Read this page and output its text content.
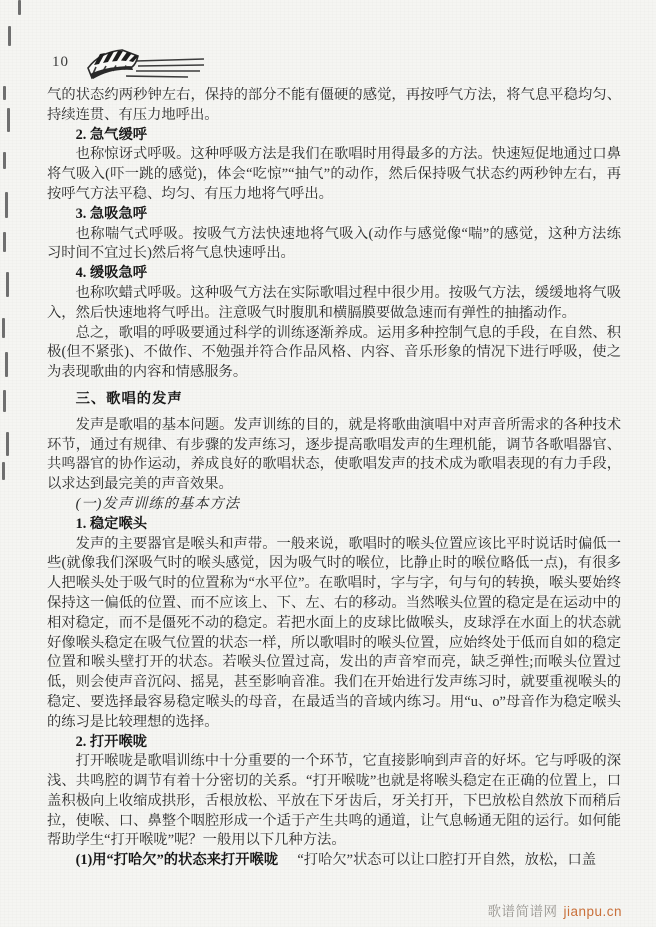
10

气的状态约两秒钟左右，保持的部分不能有僵硬的感觉，再按呼气方法，将气息平稳均匀、持续连贯、有压力地呼出。

2. 急气缓呼

也称惊讶式呼吸。这种呼吸方法是我们在歌唱时用得最多的方法。快速短促地通过口鼻将气吸入(吓一跳的感觉)，体会“吃惊”“抽气”的动作，然后保持吸气状态约两秒钟左右，再按呼气方法平稳、均匀、有压力地将气呼出。

3. 急吸急呼

也称喘气式呼吸。按吸气方法快速地将气吸入(动作与感觉像“喘”的感觉，这种方法练习时间不宜过长)然后将气息快速呼出。

4. 缓吸急呼

也称吹蜡式呼吸。这种吸气方法在实际歌唱过程中很少用。按吸气方法，缓缓地将气吸入，然后快速地将气呼出。注意吸气时腹肌和横膈膜要做急速而有弹性的抽搐动作。

总之，歌唱的呼吸要通过科学的训练逐渐养成。运用多种控制气息的手段，在自然、积极(但不紧张)、不做作、不勉强并符合作品风格、内容、音乐形象的情况下进行呼吸，使之为表现歌曲的内容和情感服务。

三、歌唱的发声

发声是歌唱的基本问题。发声训练的目的，就是将歌曲演唱中对声音所需求的各种技术环节，通过有规律、有步骤的发声练习，逐步提高歌唱发声的生理机能，调节各歌唱器官、共鸣器官的协作运动，养成良好的歌唱状态，使歌唱发声的技术成为歌唱表现的有力手段，以求达到最完美的声音效果。

(一)发声训练的基本方法

1. 稳定喉头

发声的主要器官是喉头和声带。一般来说，歌唱时的喉头位置应该比平时说话时偏低一些(就像我们深吸气时的喉头感觉，因为吸气时的喉位，比静止时的喉位略低一点)，有很多人把喉头处于吸气时的位置称为“水平位”。在歌唱时，字与字，句与句的转换，喉头要始终保持这一偏低的位置、而不应该上、下、左、右的移动。当然喉头位置的稳定是在运动中的相对稳定，而不是僵死不动的稳定。若把水面上的皮球比做喉头，皮球浮在水面上的状态就好像喉头稳定在吸气位置的状态一样，所以歌唱时的喉头位置，应始终处于低而自如的稳定位置和喉头壁打开的状态。若喉头位置过高，发出的声音窄而亮，缺乏弹性;而喉头位置过低，则会使声音沉闷、摇晃，甚至影响音准。我们在开始进行发声练习时，就要重视喉头的稳定、要选择最容易稳定喉头的母音，在最适当的音域内练习。用“u、o”母音作为稳定喉头的练习是比较理想的选择。

2. 打开喉咙

打开喉咙是歌唱训练中十分重要的一个环节，它直接影响到声音的好坏。它与呼吸的深浅、共鸣腔的调节有着十分密切的关系。“打开喉咙”也就是将喉头稳定在正确的位置上，口盖积极向上收缩成拱形，舌根放松、平放在下牙齿后，牙关打开，下巴放松自然放下而稍后拉，使喉、口、鼻整个咽腔形成一个适于产生共鸣的通道，让气息畅通无阻的运行。如何能帮助学生“打开喉咙”呢？一般用以下几种方法。

(1)用“打哈欠”的状态来打开喉咙 “打哈欠”状态可以让口腔打开自然，放松，口盖

歌谱简谱网 jianpu.cn
